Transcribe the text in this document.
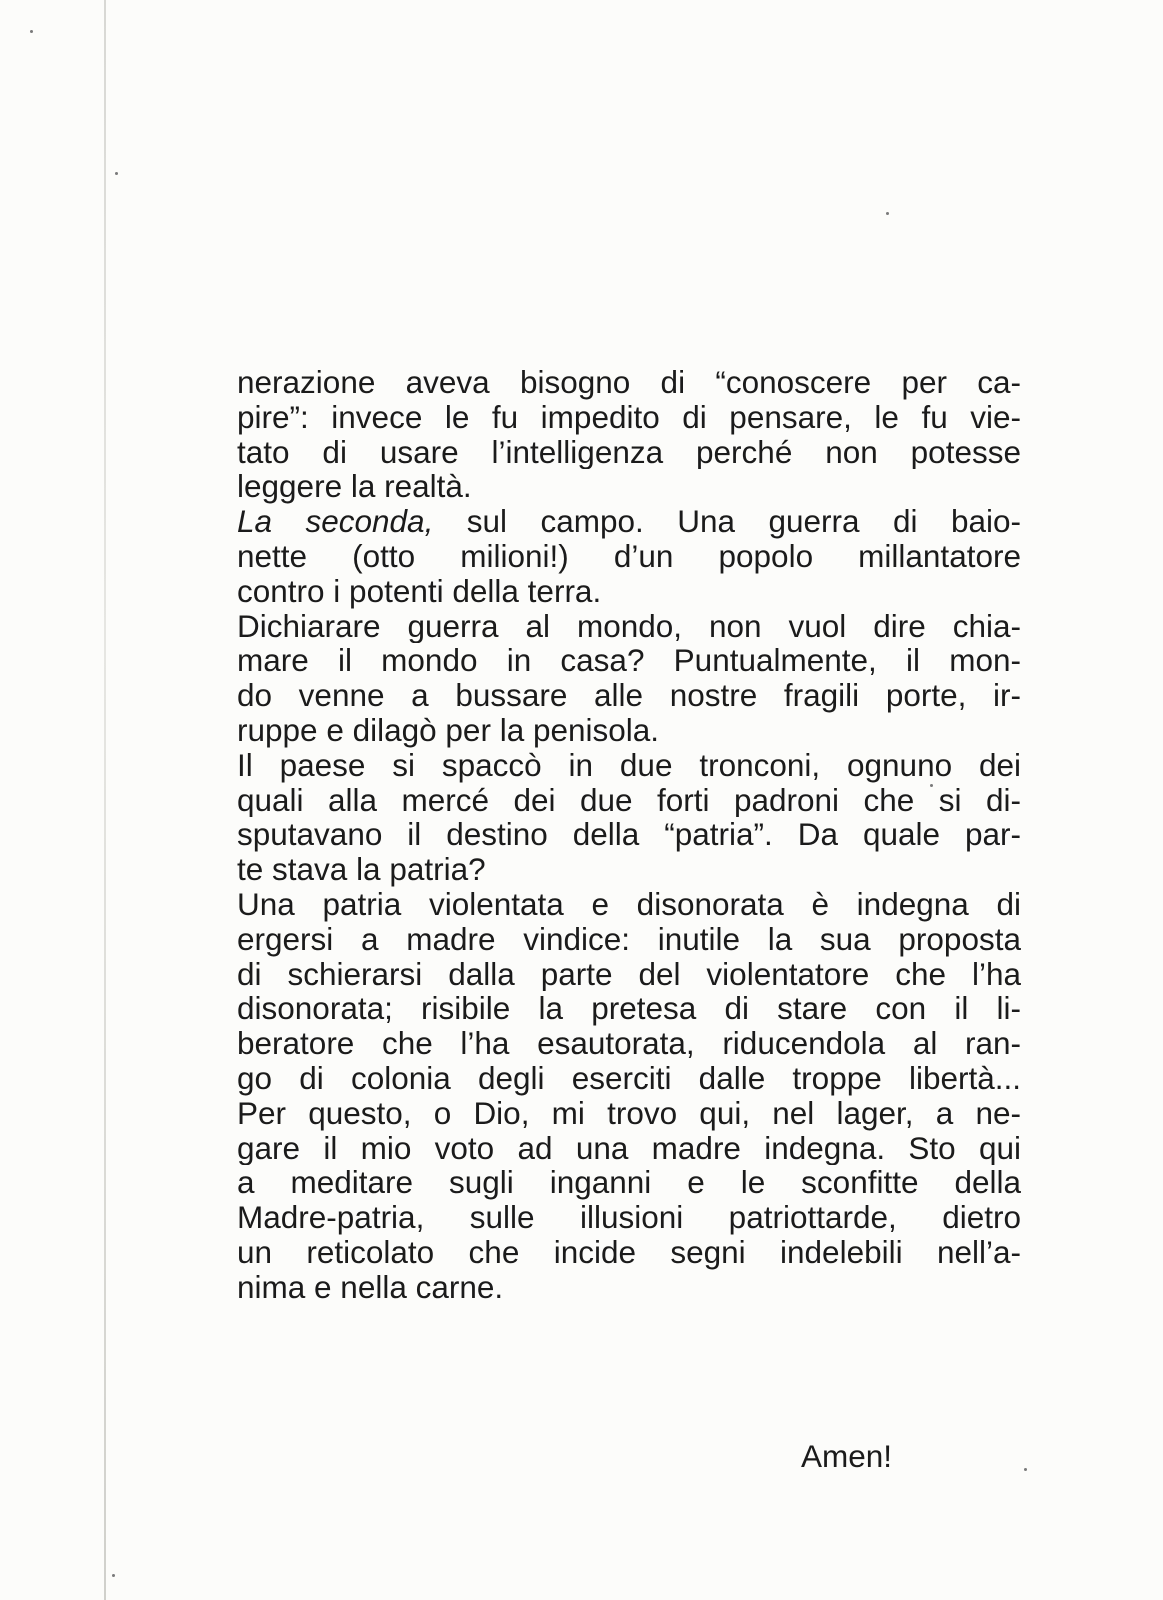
nerazione aveva bisogno di “conoscere per ca-
pire”: invece le fu impedito di pensare, le fu vie-
tato di usare l’intelligenza perché non potesse
leggere la realtà.
La seconda, sul campo. Una guerra di baio-
nette (otto milioni!) d’un popolo millantatore
contro i potenti della terra.
Dichiarare guerra al mondo, non vuol dire chia-
mare il mondo in casa? Puntualmente, il mon-
do venne a bussare alle nostre fragili porte, ir-
ruppe e dilagò per la penisola.
Il paese si spaccò in due tronconi, ognuno dei
quali alla mercé dei due forti padroni che si di-
sputavano il destino della “patria”. Da quale par-
te stava la patria?
Una patria violentata e disonorata è indegna di
ergersi a madre vindice: inutile la sua proposta
di schierarsi dalla parte del violentatore che l’ha
disonorata; risibile la pretesa di stare con il li-
beratore che l’ha esautorata, riducendola al ran-
go di colonia degli eserciti dalle troppe libertà...
Per questo, o Dio, mi trovo qui, nel lager, a ne-
gare il mio voto ad una madre indegna. Sto qui
a meditare sugli inganni e le sconfitte della
Madre-patria, sulle illusioni patriottarde, dietro
un reticolato che incide segni indelebili nell’a-
nima e nella carne.
Amen!
